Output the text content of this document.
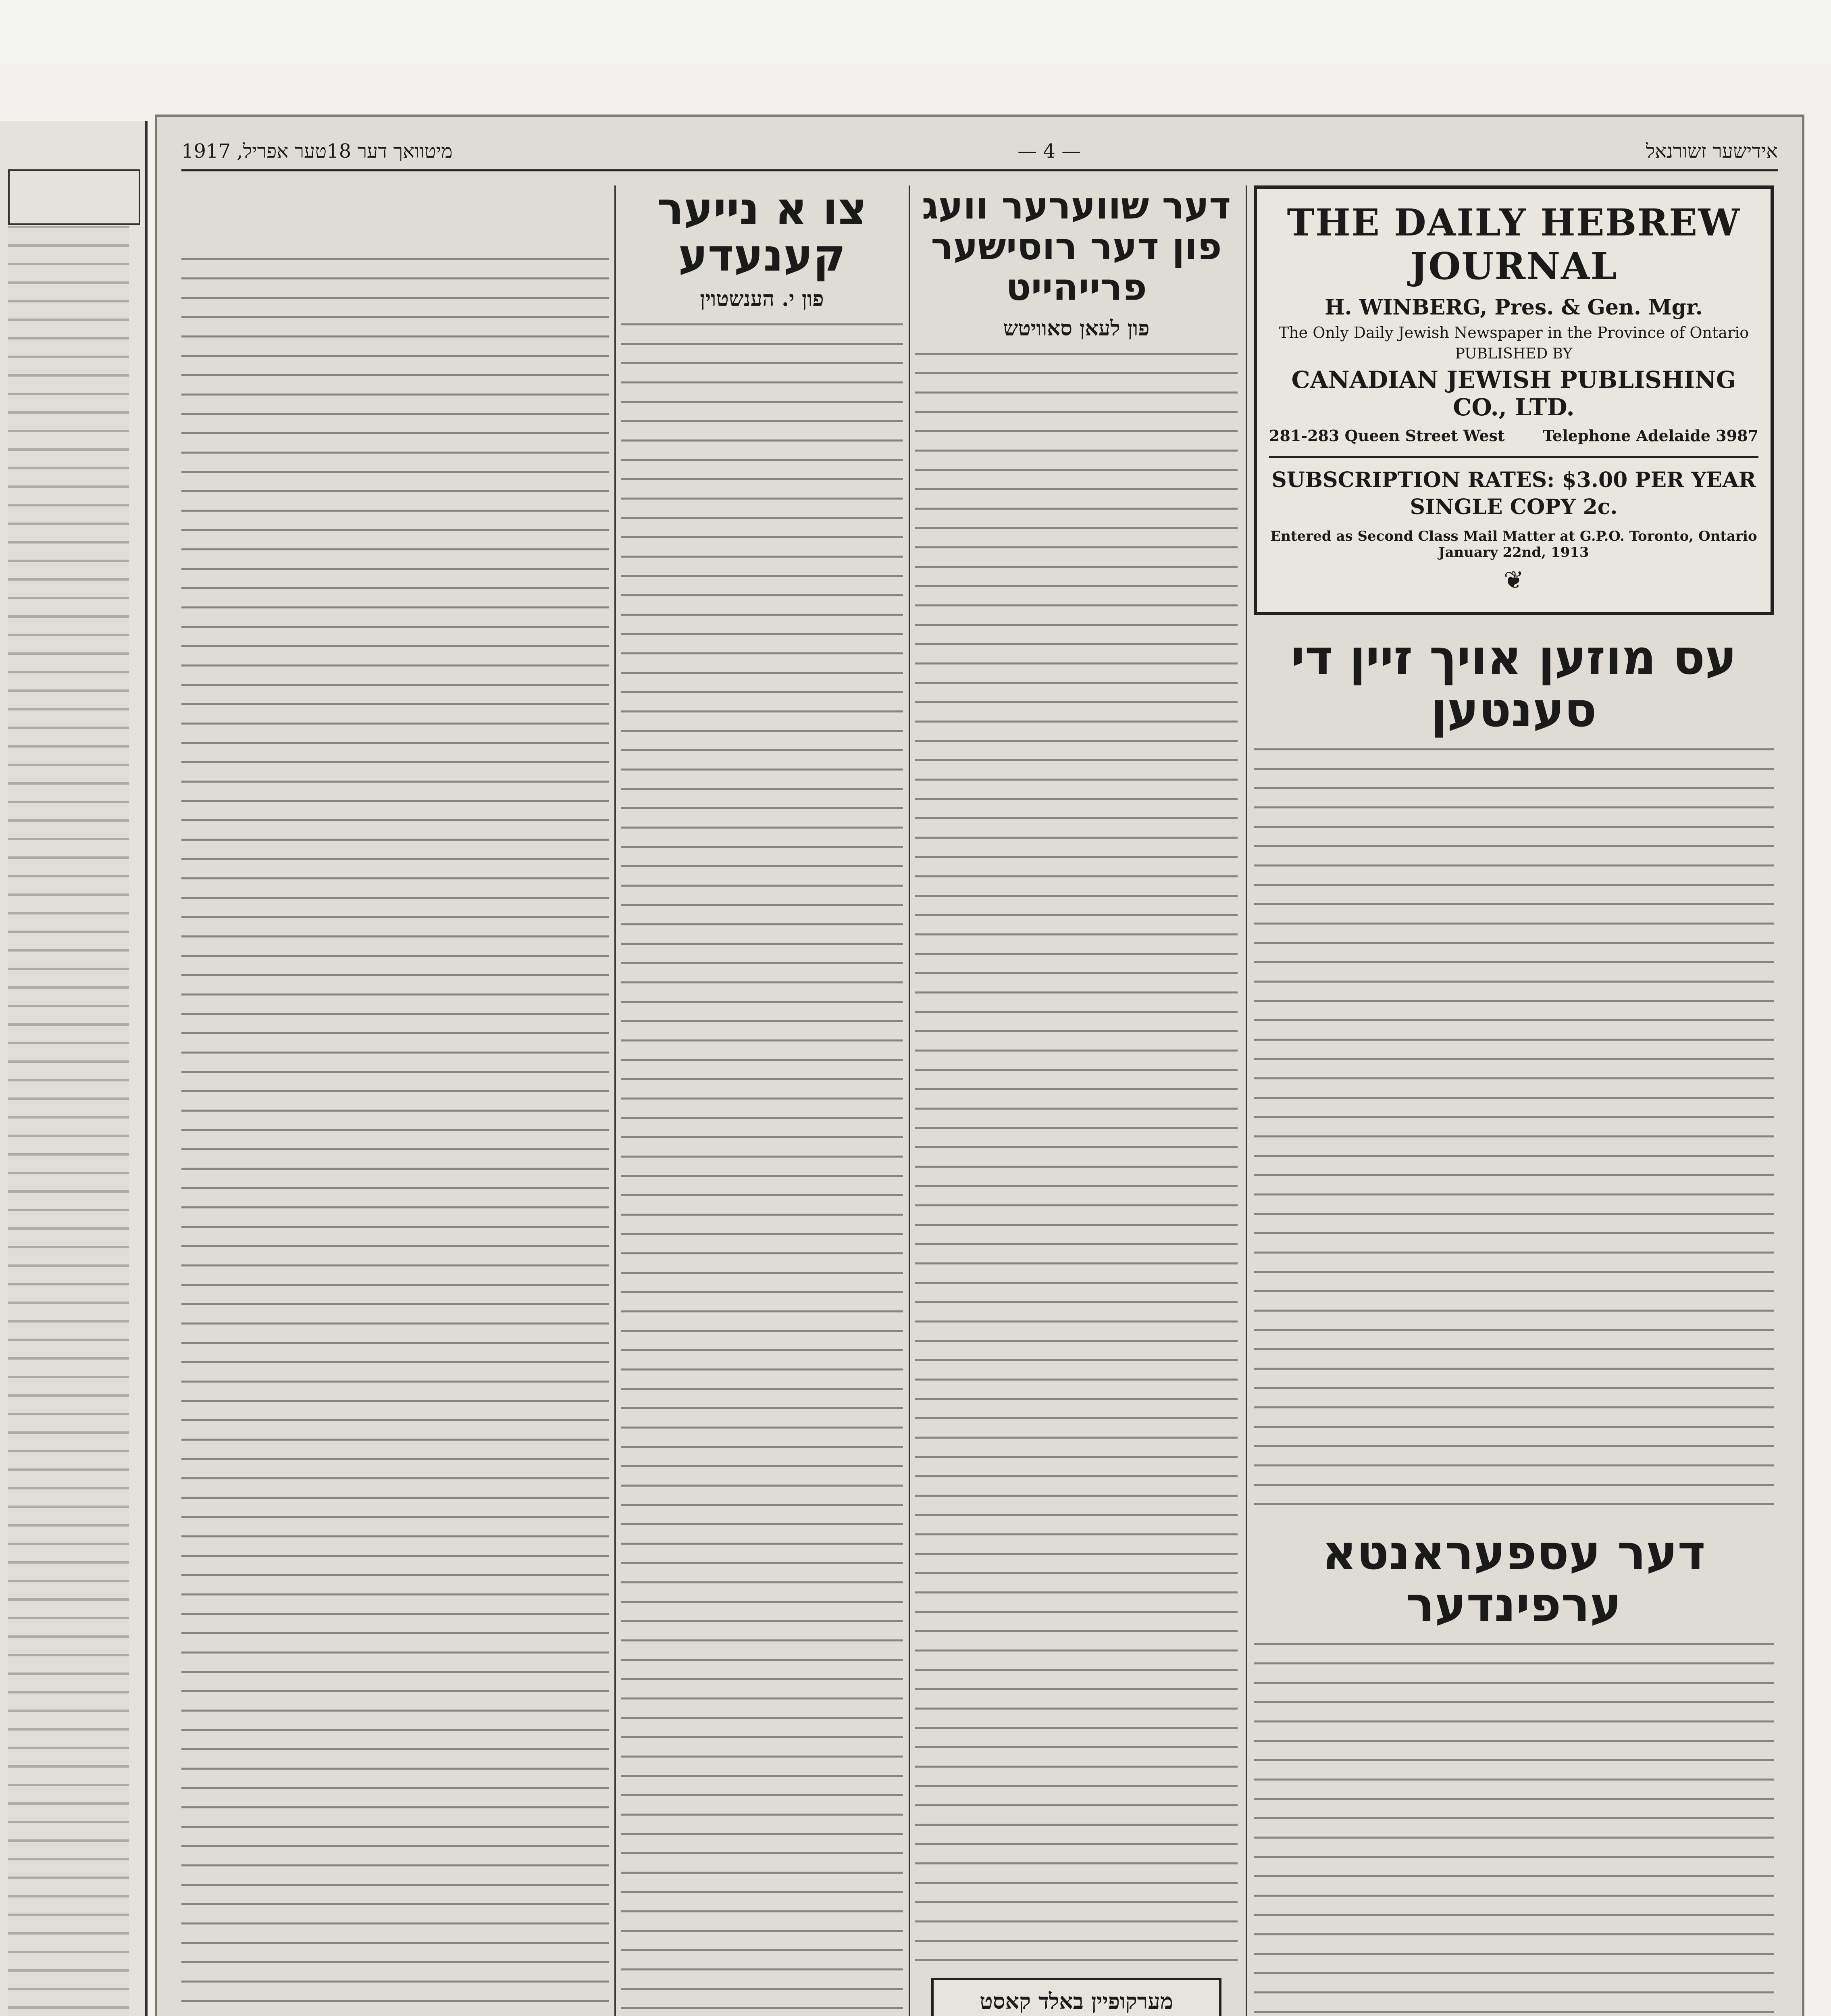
מיטוואך דער 18טער אפריל, 1917	— 4 —	אידישער זשורנאל
THE DAILY HEBREW JOURNAL
H. WINBERG, Pres. & Gen. Mgr.
The Only Daily Jewish Newspaper in the Province of Ontario
PUBLISHED BY
CANADIAN JEWISH PUBLISHING CO., LTD.
281-283 Queen Street West Telephone Adelaide 3987
SUBSCRIPTION RATES: $3.00 PER YEAR
SINGLE COPY 2c.
Entered as Second Class Mail Matter at G.P.O. Toronto, Ontario January 22nd, 1913
❦
עס מוזען אויך זיין די סענטען
דער עספעראנטא ערפינדער
דער שווערער וועג פון דער רוסישער פרייהייט
פון לעאן סאוויטש
מערקופיין באלד קאסט
צו א נייער קענעדע
פון י. הענשטוין
